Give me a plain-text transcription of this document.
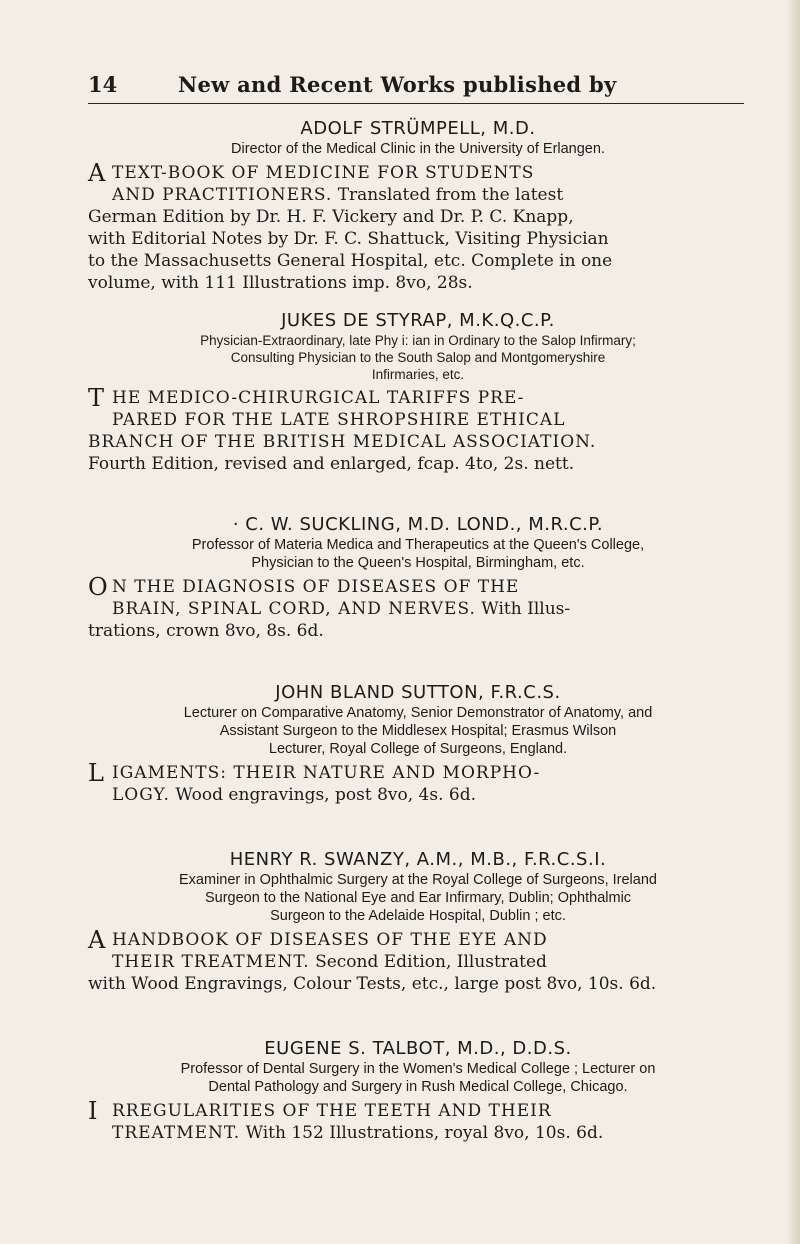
14	New and Recent Works published by
ADOLF STRÜMPELL, M.D.
Director of the Medical Clinic in the University of Erlangen.
A TEXT-BOOK OF MEDICINE FOR STUDENTS
AND PRACTITIONERS. Translated from the latest
German Edition by Dr. H. F. Vickery and Dr. P. C. Knapp,
with Editorial Notes by Dr. F. C. Shattuck, Visiting Physician
to the Massachusetts General Hospital, etc. Complete in one
volume, with 111 Illustrations imp. 8vo, 28s.
JUKES DE STYRAP, M.K.Q.C.P.
Physician-Extraordinary, late Phy i: ian in Ordinary to the Salop Infirmary;
Consulting Physician to the South Salop and Montgomeryshire
Infirmaries, etc.
T HE MEDICO-CHIRURGICAL TARIFFS PRE-
PARED FOR THE LATE SHROPSHIRE ETHICAL
BRANCH OF THE BRITISH MEDICAL ASSOCIATION.
Fourth Edition, revised and enlarged, fcap. 4to, 2s. nett.
· C. W. SUCKLING, M.D. LOND., M.R.C.P.
Professor of Materia Medica and Therapeutics at the Queen's College,
Physician to the Queen's Hospital, Birmingham, etc.
O N THE DIAGNOSIS OF DISEASES OF THE
BRAIN, SPINAL CORD, AND NERVES. With Illus-
trations, crown 8vo, 8s. 6d.
JOHN BLAND SUTTON, F.R.C.S.
Lecturer on Comparative Anatomy, Senior Demonstrator of Anatomy, and
Assistant Surgeon to the Middlesex Hospital; Erasmus Wilson
Lecturer, Royal College of Surgeons, England.
L IGAMENTS: THEIR NATURE AND MORPHO-
LOGY. Wood engravings, post 8vo, 4s. 6d.
HENRY R. SWANZY, A.M., M.B., F.R.C.S.I.
Examiner in Ophthalmic Surgery at the Royal College of Surgeons, Ireland
Surgeon to the National Eye and Ear Infirmary, Dublin; Ophthalmic
Surgeon to the Adelaide Hospital, Dublin ; etc.
A HANDBOOK OF DISEASES OF THE EYE AND
THEIR TREATMENT. Second Edition, Illustrated
with Wood Engravings, Colour Tests, etc., large post 8vo, 10s. 6d.
EUGENE S. TALBOT, M.D., D.D.S.
Professor of Dental Surgery in the Women's Medical College ; Lecturer on
Dental Pathology and Surgery in Rush Medical College, Chicago.
I RREGULARITIES OF THE TEETH AND THEIR
TREATMENT. With 152 Illustrations, royal 8vo, 10s. 6d.
